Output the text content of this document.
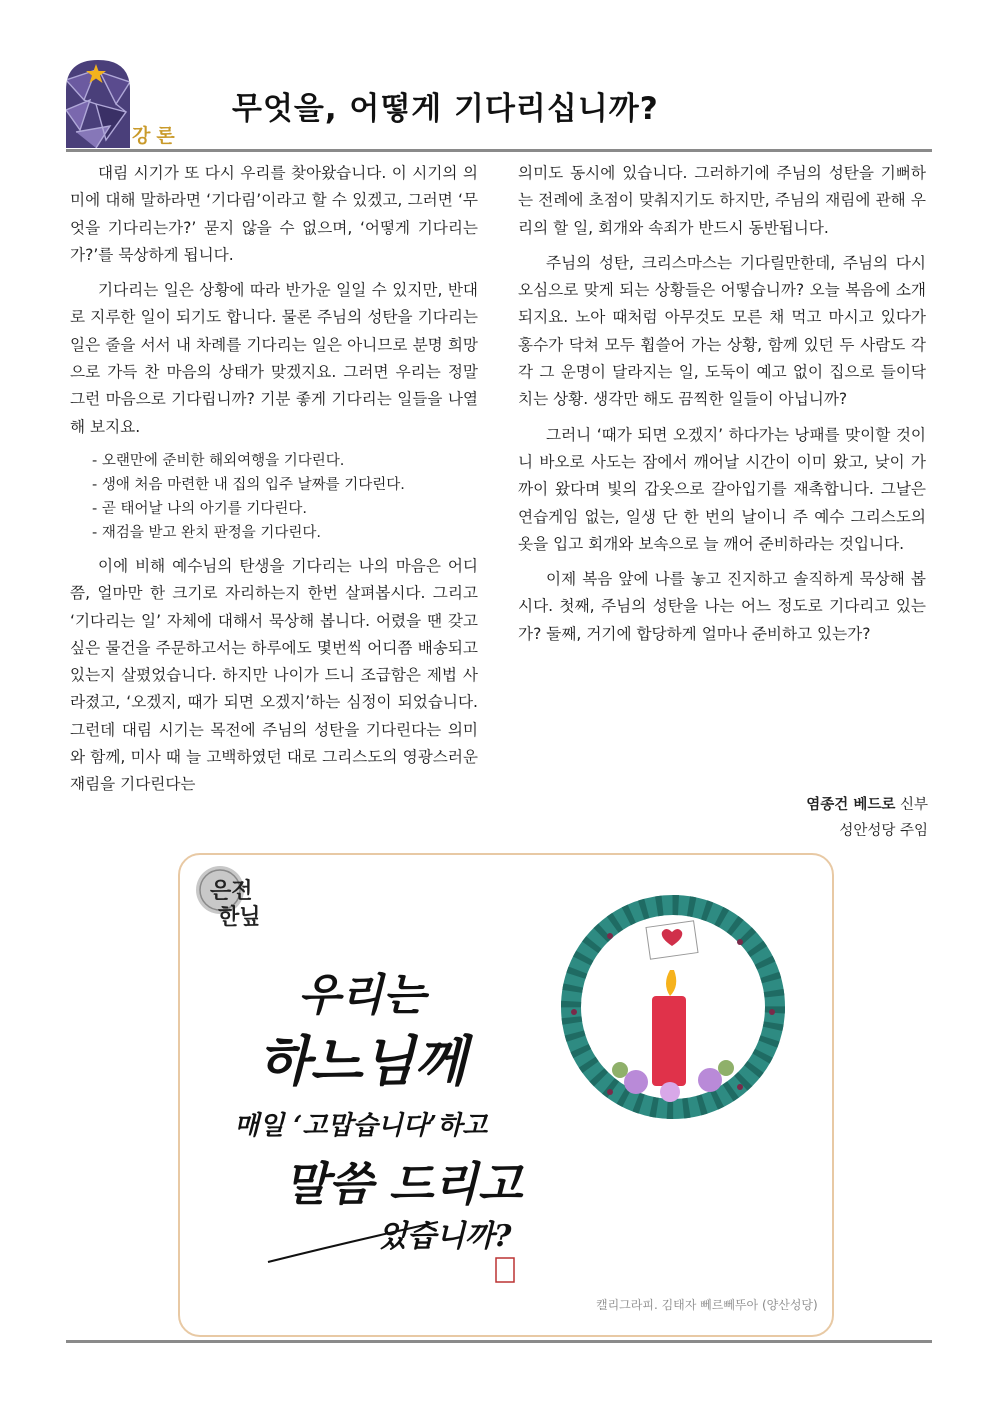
강론
무엇을, 어떻게 기다리십니까?

대림 시기가 또 다시 우리를 찾아왔습니다. 이 시기의 의미에 대해 말하라면 ‘기다림’이라고 할 수 있겠고, 그러면 ‘무엇을 기다리는가?’ 묻지 않을 수 없으며, ‘어떻게 기다리는가?’를 묵상하게 됩니다.

기다리는 일은 상황에 따라 반가운 일일 수 있지만, 반대로 지루한 일이 되기도 합니다. 물론 주님의 성탄을 기다리는 일은 줄을 서서 내 차례를 기다리는 일은 아니므로 분명 희망으로 가득 찬 마음의 상태가 맞겠지요. 그러면 우리는 정말 그런 마음으로 기다립니까? 기분 좋게 기다리는 일들을 나열해 보지요.

- 오랜만에 준비한 해외여행을 기다린다.
- 생애 처음 마련한 내 집의 입주 날짜를 기다린다.
- 곧 태어날 나의 아기를 기다린다.
- 재검을 받고 완치 판정을 기다린다.

이에 비해 예수님의 탄생을 기다리는 나의 마음은 어디쯤, 얼마만 한 크기로 자리하는지 한번 살펴봅시다. 그리고 ‘기다리는 일’ 자체에 대해서 묵상해 봅니다. 어렸을 땐 갖고 싶은 물건을 주문하고서는 하루에도 몇번씩 어디쯤 배송되고 있는지 살폈었습니다. 하지만 나이가 드니 조급함은 제법 사라졌고, ‘오겠지, 때가 되면 오겠지’하는 심정이 되었습니다. 그런데 대림 시기는 목전에 주님의 성탄을 기다린다는 의미와 함께, 미사 때 늘 고백하였던 대로 그리스도의 영광스러운 재림을 기다린다는

의미도 동시에 있습니다. 그러하기에 주님의 성탄을 기뻐하는 전례에 초점이 맞춰지기도 하지만, 주님의 재림에 관해 우리의 할 일, 회개와 속죄가 반드시 동반됩니다.

주님의 성탄, 크리스마스는 기다릴만한데, 주님의 다시 오심으로 맞게 되는 상황들은 어떻습니까? 오늘 복음에 소개되지요. 노아 때처럼 아무것도 모른 채 먹고 마시고 있다가 홍수가 닥쳐 모두 휩쓸어 가는 상황, 함께 있던 두 사람도 각각 그 운명이 달라지는 일, 도둑이 예고 없이 집으로 들이닥치는 상황. 생각만 해도 끔찍한 일들이 아닙니까?

그러니 ‘때가 되면 오겠지’ 하다가는 낭패를 맞이할 것이니 바오로 사도는 잠에서 깨어날 시간이 이미 왔고, 낮이 가까이 왔다며 빛의 갑옷으로 갈아입기를 재촉합니다. 그날은 연습게임 없는, 일생 단 한 번의 날이니 주 예수 그리스도의 옷을 입고 회개와 보속으로 늘 깨어 준비하라는 것입니다.

이제 복음 앞에 나를 놓고 진지하고 솔직하게 묵상해 봅시다. 첫째, 주님의 성탄을 나는 어느 정도로 기다리고 있는가? 둘째, 거기에 합당하게 얼마나 준비하고 있는가?

염종건 베드로 신부
성안성당 주임
은전
한닢
우리는
하느님께
매일 ‘고맙습니다’하고
말씀 드리고
있습니까?
캘리그라피. 김태자 뻬르뻬뚜아 (양산성당)
